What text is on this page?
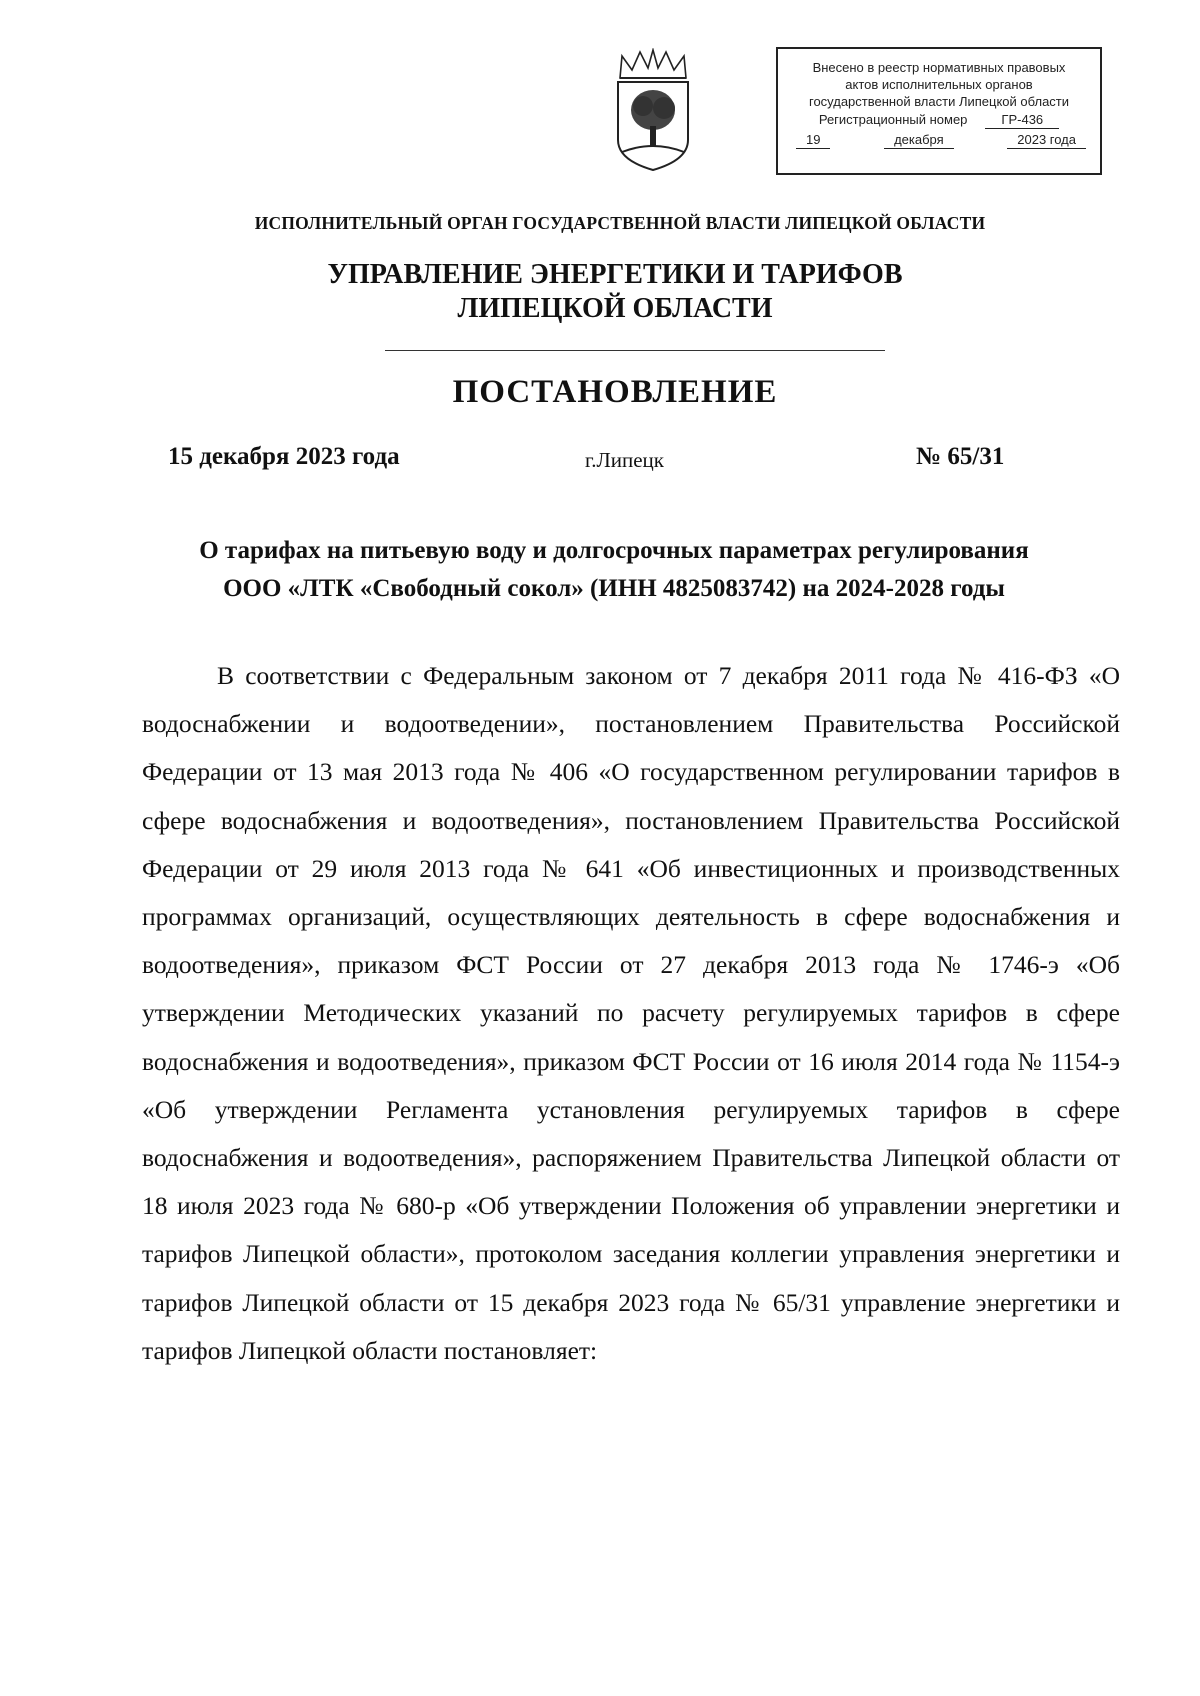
Внесено в реестр нормативных правовых
актов исполнительных органов
государственной власти Липецкой области
Регистрационный номер	ГР-436
19	декабря	2023 года
ИСПОЛНИТЕЛЬНЫЙ ОРГАН ГОСУДАРСТВЕННОЙ ВЛАСТИ ЛИПЕЦКОЙ ОБЛАСТИ
УПРАВЛЕНИЕ ЭНЕРГЕТИКИ И ТАРИФОВ
ЛИПЕЦКОЙ ОБЛАСТИ
ПОСТАНОВЛЕНИЕ
15 декабря 2023 года	г.Липецк	№ 65/31
О тарифах на питьевую воду и долгосрочных параметрах регулирования
ООО «ЛТК «Свободный сокол» (ИНН 4825083742) на 2024-2028 годы
В соответствии с Федеральным законом от 7 декабря 2011 года № 416-ФЗ «О водоснабжении и водоотведении», постановлением Правительства Российской Федерации от 13 мая 2013 года № 406 «О государственном регулировании тарифов в сфере водоснабжения и водоотведения», постановлением Правительства Российской Федерации от 29 июля 2013 года № 641 «Об инвестиционных и производственных программах организаций, осуществляющих деятельность в сфере водоснабжения и водоотведения», приказом ФСТ России от 27 декабря 2013 года № 1746-э «Об утверждении Методических указаний по расчету регулируемых тарифов в сфере водоснабжения и водоотведения», приказом ФСТ России от 16 июля 2014 года № 1154-э «Об утверждении Регламента установления регулируемых тарифов в сфере водоснабжения и водоотведения», распоряжением Правительства Липецкой области от 18 июля 2023 года № 680-р «Об утверждении Положения об управлении энергетики и тарифов Липецкой области», протоколом заседания коллегии управления энергетики и тарифов Липецкой области от 15 декабря 2023 года № 65/31 управление энергетики и тарифов Липецкой области постановляет:
